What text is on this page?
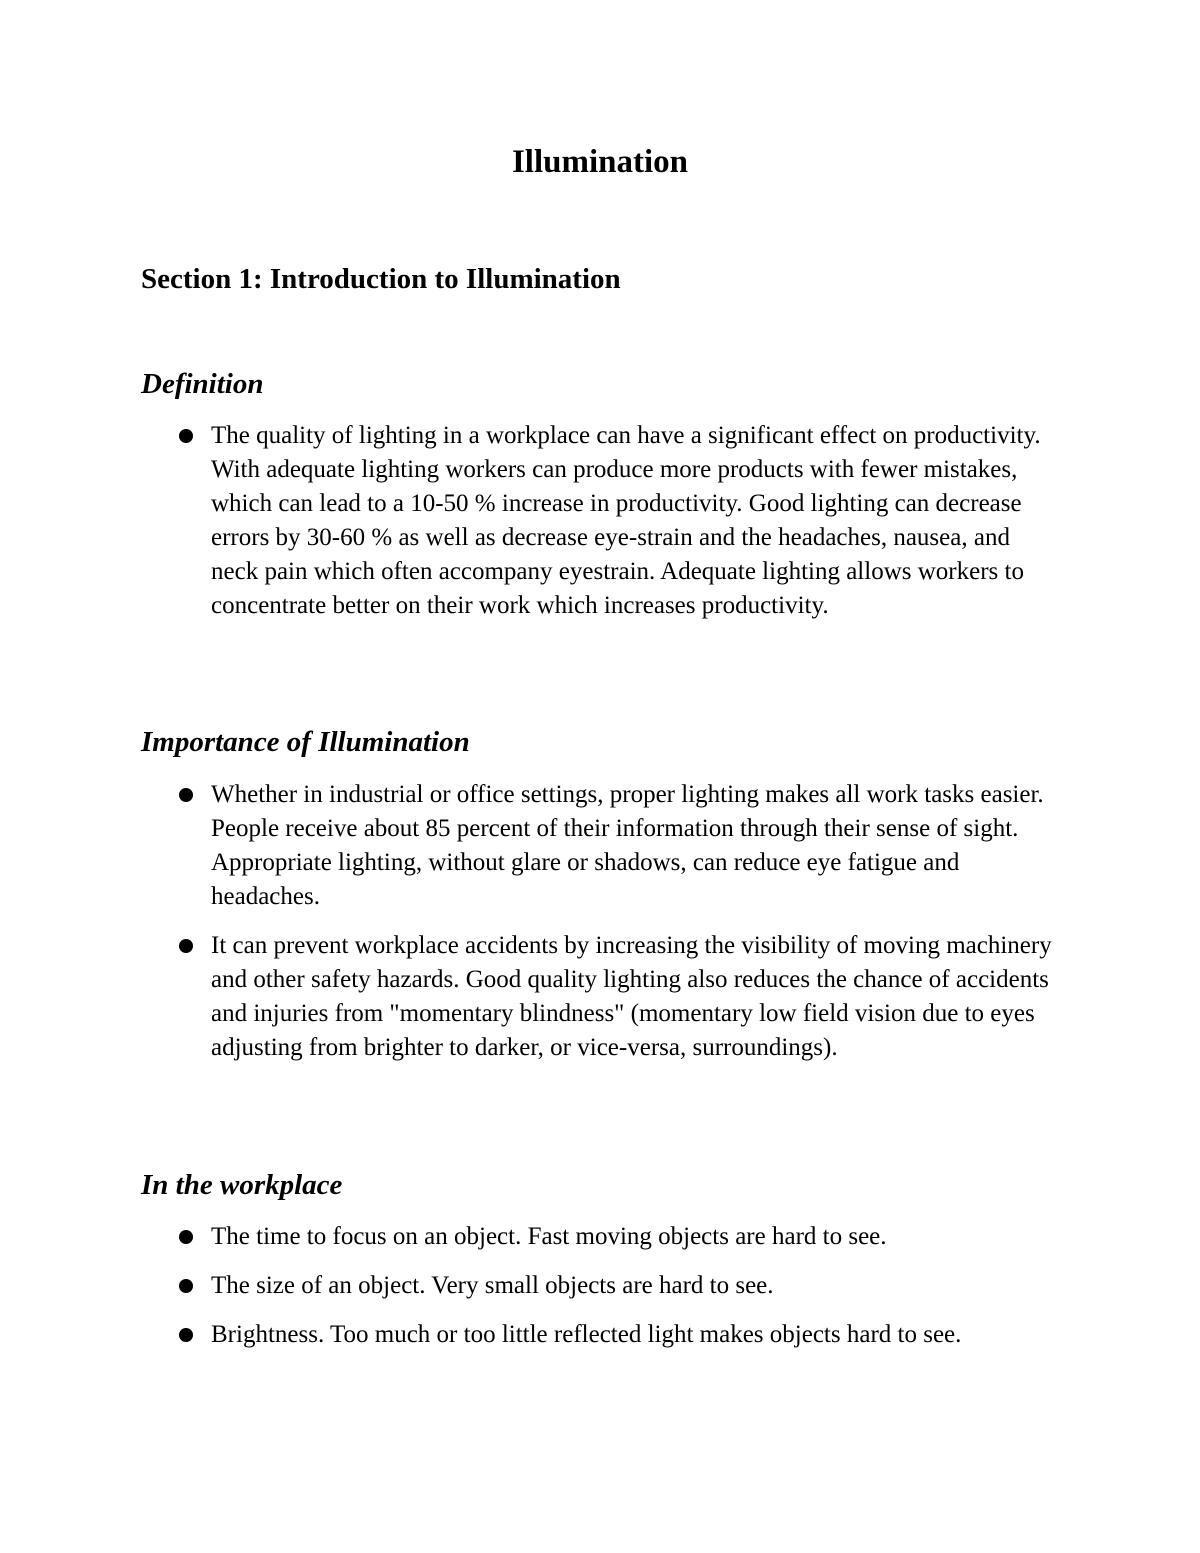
Illumination
Section 1: Introduction to Illumination
Definition
The quality of lighting in a workplace can have a significant effect on productivity. With adequate lighting workers can produce more products with fewer mistakes, which can lead to a 10-50 % increase in productivity. Good lighting can decrease errors by 30-60 % as well as decrease eye-strain and the headaches, nausea, and neck pain which often accompany eyestrain. Adequate lighting allows workers to concentrate better on their work which increases productivity.
Importance of Illumination
Whether in industrial or office settings, proper lighting makes all work tasks easier. People receive about 85 percent of their information through their sense of sight. Appropriate lighting, without glare or shadows, can reduce eye fatigue and headaches.
It can prevent workplace accidents by increasing the visibility of moving machinery and other safety hazards. Good quality lighting also reduces the chance of accidents and injuries from "momentary blindness" (momentary low field vision due to eyes adjusting from brighter to darker, or vice-versa, surroundings).
In the workplace
The time to focus on an object. Fast moving objects are hard to see.
The size of an object. Very small objects are hard to see.
Brightness. Too much or too little reflected light makes objects hard to see.
